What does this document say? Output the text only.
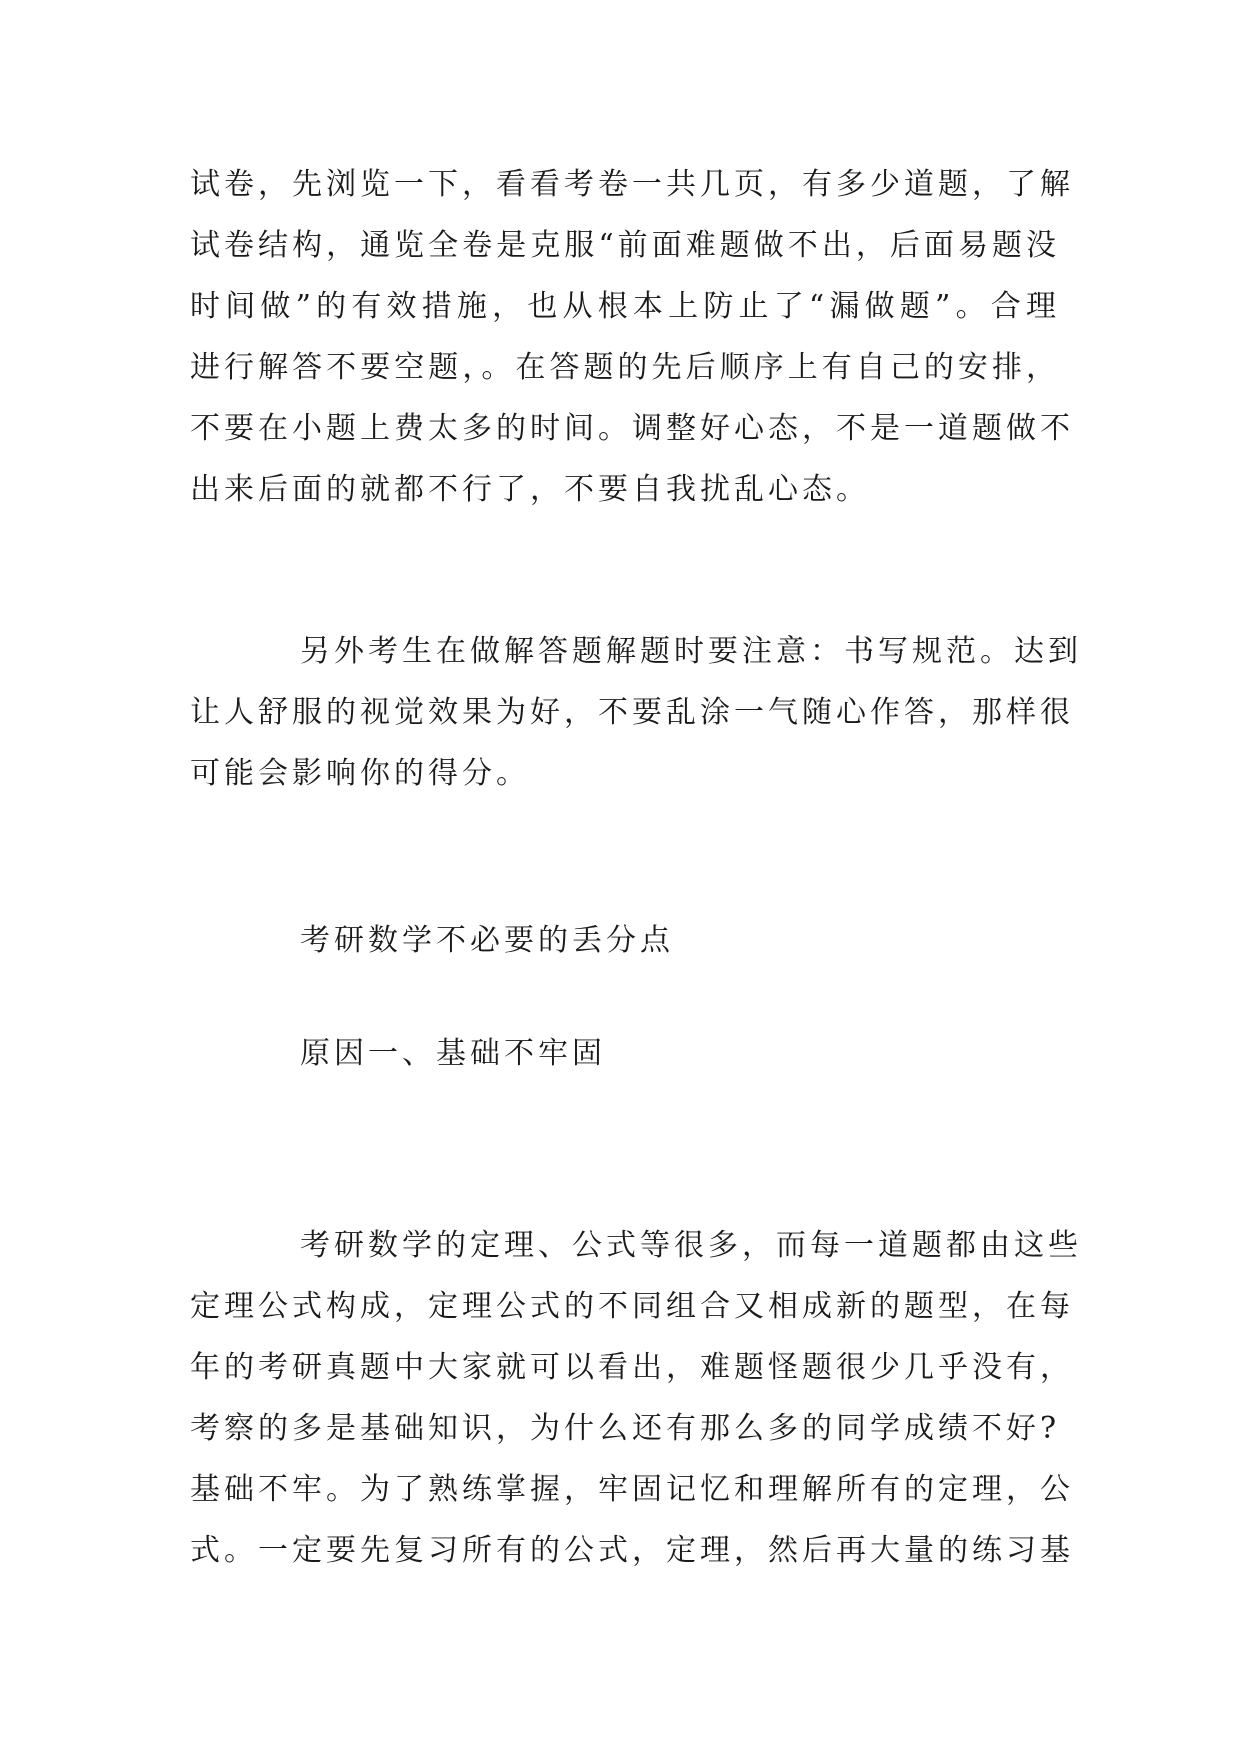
试卷，先浏览一下，看看考卷一共几页，有多少道题，了解
试卷结构，通览全卷是克服“前面难题做不出，后面易题没
时间做”的有效措施，也从根本上防止了“漏做题”。合理
进行解答不要空题，。在答题的先后顺序上有自己的安排，
不要在小题上费太多的时间。调整好心态，不是一道题做不
出来后面的就都不行了，不要自我扰乱心态。
另外考生在做解答题解题时要注意：书写规范。达到
让人舒服的视觉效果为好，不要乱涂一气随心作答，那样很
可能会影响你的得分。
考研数学不必要的丢分点
原因一、基础不牢固
考研数学的定理、公式等很多，而每一道题都由这些
定理公式构成，定理公式的不同组合又相成新的题型，在每
年的考研真题中大家就可以看出，难题怪题很少几乎没有，
考察的多是基础知识，为什么还有那么多的同学成绩不好?
基础不牢。为了熟练掌握，牢固记忆和理解所有的定理，公
式。一定要先复习所有的公式，定理，然后再大量的练习基
